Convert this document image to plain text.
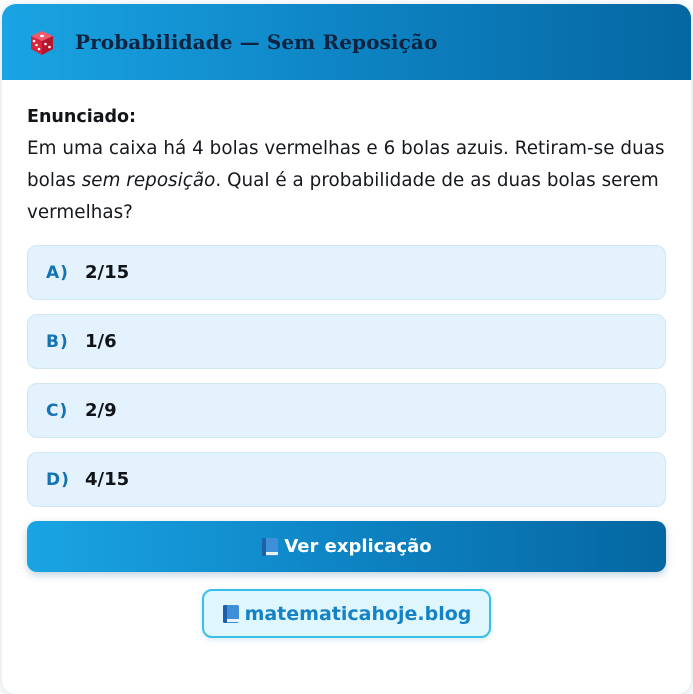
Probabilidade — Sem Reposição
Enunciado:
Em uma caixa há 4 bolas vermelhas e 6 bolas azuis. Retiram-se duas bolas sem reposição. Qual é a probabilidade de as duas bolas serem vermelhas?
A) 2/15
B) 1/6
C) 2/9
D) 4/15
Ver explicação
matematicahoje.blog
